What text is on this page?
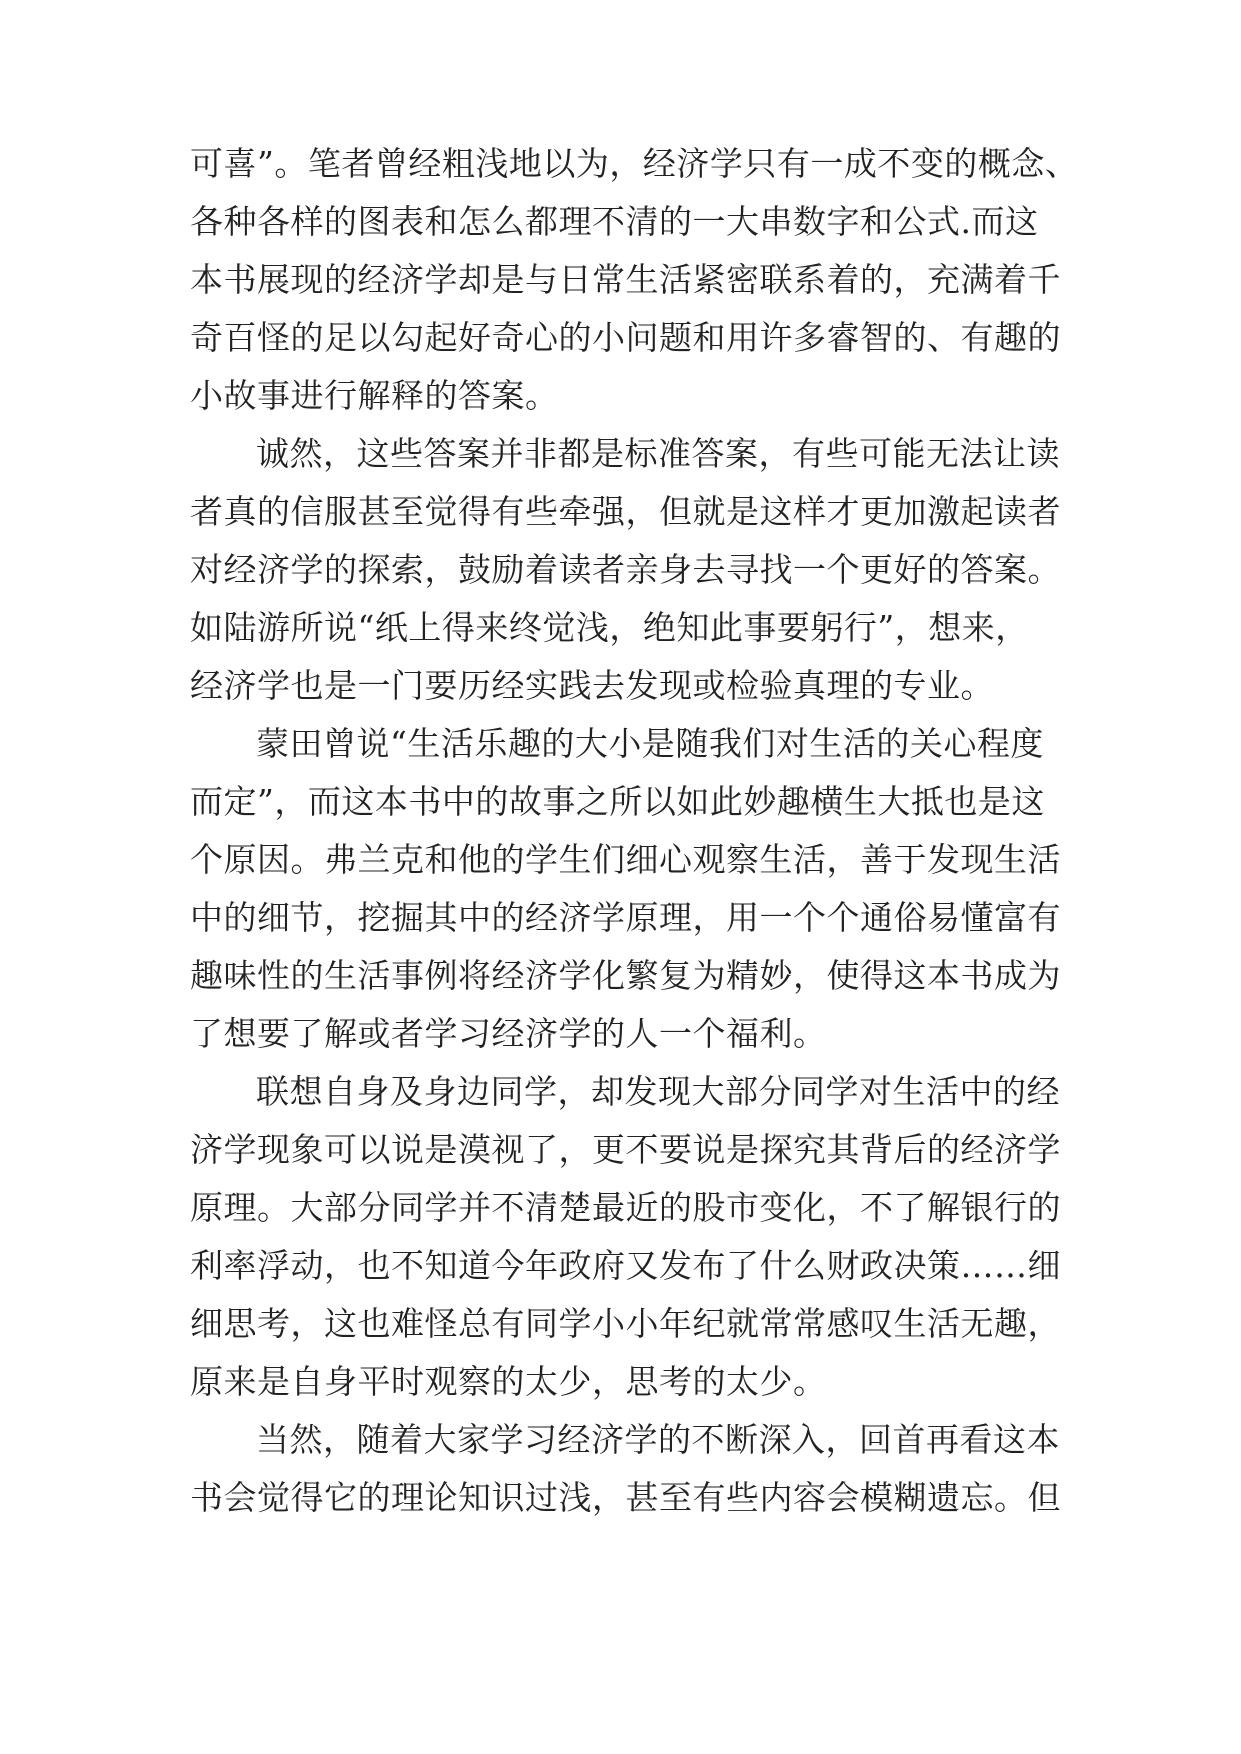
可喜”。笔者曾经粗浅地以为，经济学只有一成不变的概念、
各种各样的图表和怎么都理不清的一大串数字和公式.而这
本书展现的经济学却是与日常生活紧密联系着的，充满着千
奇百怪的足以勾起好奇心的小问题和用许多睿智的、有趣的
小故事进行解释的答案。
诚然，这些答案并非都是标准答案，有些可能无法让读
者真的信服甚至觉得有些牵强，但就是这样才更加激起读者
对经济学的探索，鼓励着读者亲身去寻找一个更好的答案。
如陆游所说“纸上得来终觉浅，绝知此事要躬行”，想来，
经济学也是一门要历经实践去发现或检验真理的专业。
蒙田曾说“生活乐趣的大小是随我们对生活的关心程度
而定”，而这本书中的故事之所以如此妙趣横生大抵也是这
个原因。弗兰克和他的学生们细心观察生活，善于发现生活
中的细节，挖掘其中的经济学原理，用一个个通俗易懂富有
趣味性的生活事例将经济学化繁复为精妙，使得这本书成为
了想要了解或者学习经济学的人一个福利。
联想自身及身边同学，却发现大部分同学对生活中的经
济学现象可以说是漠视了，更不要说是探究其背后的经济学
原理。大部分同学并不清楚最近的股市变化，不了解银行的
利率浮动，也不知道今年政府又发布了什么财政决策……细
细思考，这也难怪总有同学小小年纪就常常感叹生活无趣，
原来是自身平时观察的太少，思考的太少。
当然，随着大家学习经济学的不断深入，回首再看这本
书会觉得它的理论知识过浅，甚至有些内容会模糊遗忘。但
